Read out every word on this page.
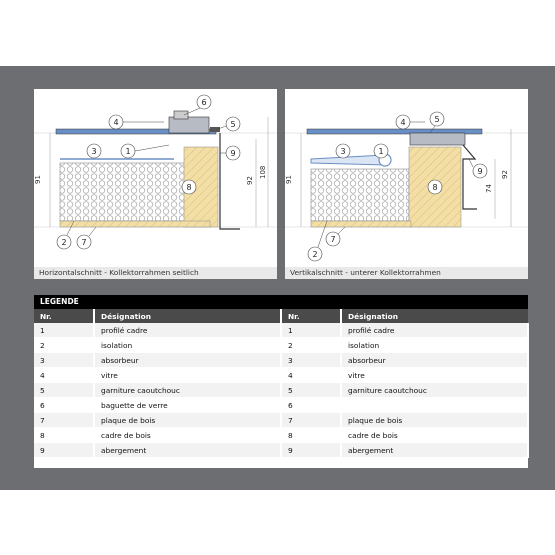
91	92
108
6
4	5
3	1	9
8
2 7
Horizontalschnitt - Kollektorrahmen seitlich
91
74
92
4	5
3	1
9
8
2
7
Vertikalschnitt - unterer Kollektorrahmen
LEGENDE
Nr.	Désignation	Nr.	Désignation
1	profilé cadre	1	profilé cadre
2	isolation	2	isolation
3	absorbeur	3	absorbeur
4	vitre	4	vitre
5	garniture caoutchouc	5	garniture caoutchouc
6	baguette de verre	6	
7	plaque de bois	7	plaque de bois
8	cadre de bois	8	cadre de bois
9	abergement	9	abergement
